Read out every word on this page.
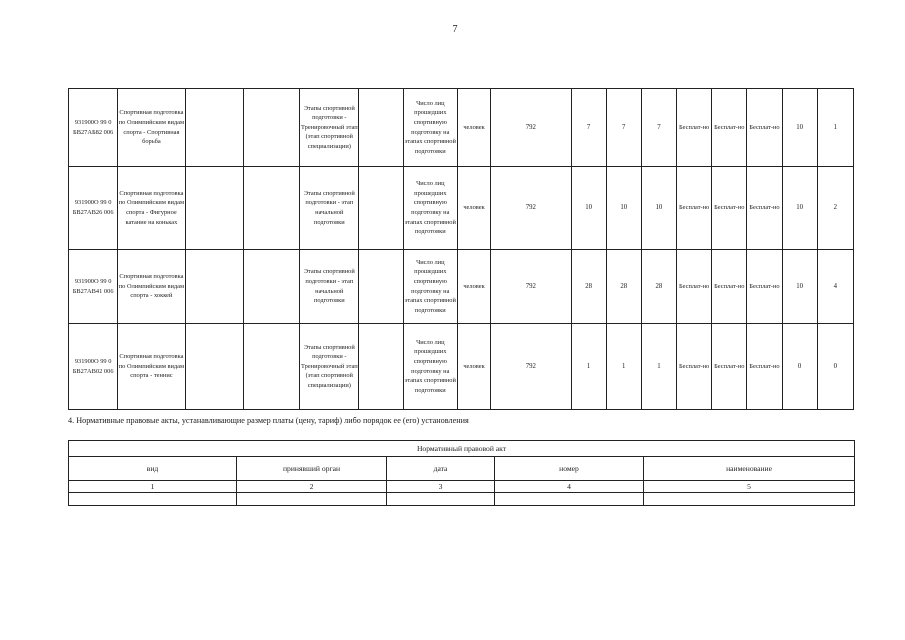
7
931900О 99 0 БВ27АБ82 006	Спортивная подготовка по Олимпийским видам спорта - Спортивная борьба			Этапы спортивной подготовки - Тренировочный этап (этап спортивной специализации)		Число лиц прошедших спортивную подготовку на этапах спортивной подготовки	человек	792	7	7	7	Бесплат-но	Бесплат-но	Бесплат-но	10	1
931900О 99 0 БВ27АВ26 006	Спортивная подготовка по Олимпийским видам спорта - Фигурное катание на коньках			Этапы спортивной подготовки - этап начальной подготовки		Число лиц прошедших спортивную подготовку на этапах спортивной подготовки	человек	792	10	10	10	Бесплат-но	Бесплат-но	Бесплат-но	10	2
931900О 99 0 БВ27АВ41 006	Спортивная подготовка по Олимпийским видам спорта - хоккей			Этапы спортивной подготовки - этап начальной подготовки		Число лиц прошедших спортивную подготовку на этапах спортивной подготовки	человек	792	28	28	28	Бесплат-но	Бесплат-но	Бесплат-но	10	4
931900О 99 0 БВ27АВ02 006	Спортивная подготовка по Олимпийским видам спорта - теннис			Этапы спортивной подготовки - Тренировочный этап (этап спортивной специализации)		Число лиц прошедших спортивную подготовку на этапах спортивной подготовки	человек	792	1	1	1	Бесплат-но	Бесплат-но	Бесплат-но	0	0
4. Нормативные правовые акты, устанавливающие размер платы (цену, тариф) либо порядок ее (его) установления
Нормативный правовой акт				
вид	принявший орган	дата	номер	наименование
1	2	3	4	5
